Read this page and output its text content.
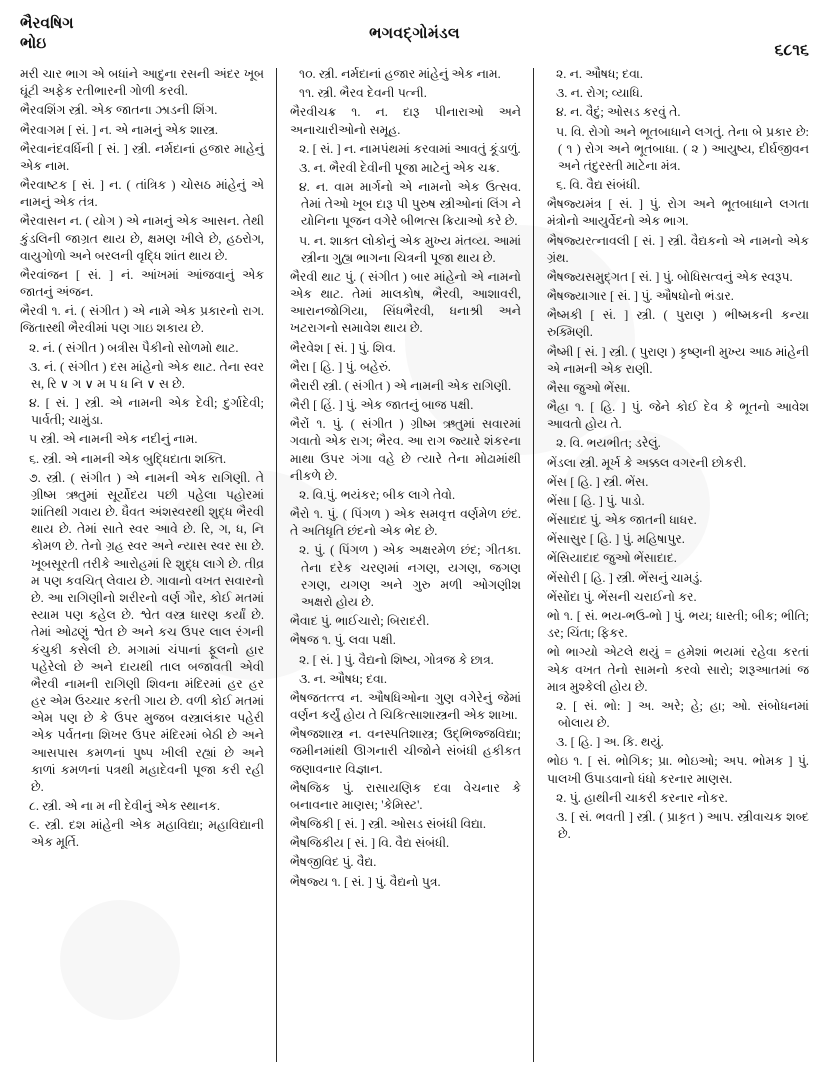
ભૈરવષિગ
ભોઇ
ભગવદ્ગોમંડલ
૬૮૧૬

મરી ચાર ભાગ એ બધાંને આદુના રસની અંદર ખૂબ ઘૂંટી અફેક રતીભારની ગોળી કરવી.

ભૈરવશિંગ સ્ત્રી. એક જાતના ઝાડની શિંગ.

ભૈરવાગમ [ સં. ] ન. એ નામનું એક શાસ્ત્ર.

ભૈરવાનંદવર્ધિની [ સં. ] સ્ત્રી. નર્મદાનાં હજાર માહેનું એક નામ.

ભૈરવાષ્ટક [ સં. ] ન. ( તાંત્રિક ) ચોસઠ માંહેનું એ નામનું એક તંત્ર.

ભૈરવાસન ન. ( યોગ ) એ નામનું એક આસન. તેથી કુંડલિની જાગ્રત થાય છે, ક્ષમણ ખીલે છે, હઠરોગ, વાયુગોળો અને બરલની વૃદ્ધિ શાંત થાય છે.

ભૈરવાંજન [ સં. ] નં. આંખમાં આંજવાનું એક જાતનું અંજન.

ભૈરવી ૧. નં. ( સંગીત ) એ નામે એક પ્રકારનો રાગ. જિતાસ્થી ભૈરવીમાં પણ ગાઇ શકાય છે.

૨. નં. ( સંગીત ) બત્રીસ પૈકીનો સોળમો થાટ.

૩. નં. ( સંગીત ) દસ માંહેનો એક થાટ. તેના સ્વર સ, રિ ∨ ગ ∨ મ પ ધ નિ ∨ સ છે.

૪. [ સં. ] સ્ત્રી. એ નામની એક દેવી; દુર્ગાદેવી; પાર્વતી; ચામુંડા.

૫ સ્ત્રી. એ નામની એક નદીનું નામ.

૬. સ્ત્રી. એ નામની એક બુદ્ધિદાતા શક્તિ.

૭. સ્ત્રી. ( સંગીત ) એ નામની એક રાગિણી. તે ગ્રીષ્મ ઋતુમાં સૂર્યોદય પછી પહેલા પહોરમાં શાંતિથી ગવાય છે. ધૈવત અંશસ્વરથી શુદ્ધ ભૈરવી થાય છે. તેમાં સાતે સ્વર આવે છે. રિ, ગ, ધ, નિ કોમળ છે. તેનો ગ્રહ સ્વર અને ન્યાસ સ્વર સા છે. ખૂબસૂરતી તરીકે આરોહમાં રિ શુદ્ધ લાગે છે. તીવ્ર મ પણ કવચિત્ લેવાય છે. ગાવાનો વખત સવારનો છે. આ રાગિણીનો શરીરનો વર્ણ ગૌર, કોઈ મતમાં સ્યામ પણ કહેલ છે. શ્વેત વસ્ત્ર ધારણ કર્યાં છે. તેમાં ઓઢણું શ્વેત છે અને કચ ઉપર લાલ રંગની કંચુકી કસેલી છે. મગામાં ચંપાનાં ફૂલનો હાર પહેરેલો છે અને દાયથી તાલ બજાવતી એવી ભૈરવી નામની રાગિણી શિવના મંદિરમાં હર હર હર એમ ઉચ્ચાર કરતી ગાય છે. વળી કોઈ મતમાં એમ પણ છે કે ઉપર મુજબ વસ્ત્રાલંકાર પહેરી એક પર્વતના શિખર ઉપર મંદિરમાં બેઠી છે અને આસપાસ કમળનાં પુષ્પ ખીલી રહ્યાં છે અને કાળાં કમળનાં પત્રથી મહાદેવની પૂજા કરી રહી છે.

૮. સ્ત્રી. એ ના મ ની દેવીનું એક સ્થાનક.

૯. સ્ત્રી. દશ માંહેની એક મહાવિદ્યા; મહાવિદ્યાની એક મૂર્તિ.

૧૦. સ્ત્રી. નર્મદાનાં હજાર માંહેનું એક નામ.

૧૧. સ્ત્રી. ભૈરવ દેવની પત્ની.

ભૈરવીચક્ર ૧. ન. દારૂ પીનારાઓ અને અનાચારીઓનો સમૂહ.

૨. [ સં. ] ન. નામપંથમાં કરવામાં આવતું કૂંડાળું.

૩. ન. ભૈરવી દેવીની પૂજા માટેનું એક ચક્ર.

૪. ન. વામ માર્ગનો એ નામનો એક ઉત્સવ. તેમાં તેઓ ખૂબ દારૂ પી પુરુષ સ્ત્રીઓનાં લિંગ ને યોનિના પૂજન વગેરે બીભત્સ ક્રિયાઓ કરે છે.

૫. ન. શાક્ત લોકોનું એક મુખ્ય મંતવ્ય. આમાં સ્ત્રીના ગુહ્ય ભાગના ચિત્રની પૂજા થાય છે.

ભૈરવી થાટ પું. ( સંગીત ) બાર માંહેનો એ નામનો એક થાટ. તેમાં માલકોષ, ભૈરવી, આશાવરી, આરાનજોગિયા, સિંધભૈરવી, ધનાશ્રી અને ખટરાગનો સમાવેશ થાય છે.

ભૈરવેશ [ સં. ] પું. શિવ.

ભૈરા [ હિ. ] પું. બહેરું.

ભૈરારી સ્ત્રી. ( સંગીત ) એ નામની એક રાગિણી.

ભૈરી [ હિં. ] પું. એક જાતનું બાજ પક્ષી.

ભૈરોં ૧. પું. ( સંગીત ) ગ્રીષ્મ ઋતુમાં સવારમાં ગવાતો એક રાગ; ભૈરવ. આ રાગ જ્યારે શંકરના માથા ઉપર ગંગા વહે છે ત્યારે તેના મોઢામાંથી નીકળે છે.

૨. વિ.પું. ભયંકર; બીક લાગે તેવો.

ભૈરો ૧. પું. ( પિંગળ ) એક સમવૃત્ત વર્ણમેળ છંદ. તે અતિધૃતિ છંદનો એક ભેદ છે.

૨. પું. ( પિંગળ ) એક અક્ષરમેળ છંદ; ગીતકા. તેના દરેક ચરણમાં નગણ, યગણ, જગણ રગણ, યગણ અને ગુરુ મળી ઓગણીશ અક્ષરો હોય છે.

ભૈવાદ પું. ભાઈચારો; બિરાદરી.

ભૈષજ ૧. પું. લવા પક્ષી.

૨. [ સં. ] પું. વૈદ્યનો શિષ્ય, ગોત્રજ કે છાત્ર.

૩. ન. ઔષધ; દવા.

ભૈષજતત્ત્વ ન. ઔષધિઓના ગુણ વગેરેનું જેમાં વર્ણન કર્યું હોય તે ચિકિત્સાશાસ્ત્રની એક શાખા.

ભૈષજશાસ્ત્ર ન. વનસ્પતિશાસ્ત્ર; ઉદ્‌ભિજ્જવિદ્યા; જમીનમાંથી ઊગનારી ચીજોને સંબંધી હકીકત જણાવનાર વિજ્ઞાન.

ભૈષજિક પું. રાસાયણિક દવા વેચનાર કે બનાવનાર માણસ; 'કેમિસ્ટ'.

ભૈષજિકી [ સં. ] સ્ત્રી. ઓસડ સંબંધી વિદ્યા.

ભૈષજિકીય [ સં. ] વિ. વૈદ્ય સંબંધી.

ભૈષજીવિદ પું. વૈદ્ય.

ભૈષજ્ય ૧. [ સં. ] પું. વૈદ્યનો પુત્ર.

૨. ન. ઔષધ; દવા.

૩. ન. રોગ; વ્યાધિ.

૪. ન. વૈદું; ઓસડ કરવું તે.

૫. વિ. રોગો અને ભૂતબાધાને લગતું. તેના બે પ્રકાર છે: ( ૧ ) રોગ અને ભૂતબાધા. ( ૨ ) આયુષ્ય, દીર્ઘજીવન અને તંદુરસ્તી માટેના મંત્ર.

૬. વિ. વૈદ્ય સંબંધી.

ભૈષજ્યમંત્ર [ સં. ] પું. રોગ અને ભૂતબાધાને લગતા મંત્રોનો આયુર્વેદનો એક ભાગ.

ભૈષજ્યરત્નાવલી [ સં. ] સ્ત્રી. વૈદ્યકનો એ નામનો એક ગ્રંથ.

ભૈષજ્યસમુદ્‌ગત [ સં. ] પું. બોધિસત્વનું એક સ્વરૂપ.

ભૈષજ્યાગાર [ સં. ] પું. ઔષધોનો ભંડાર.

ભૈષ્મકી [ સં. ] સ્ત્રી. ( પુરાણ ) ભીષ્મકની કન્યા રુક્મિણી.

ભૈષ્મી [ સં. ] સ્ત્રી. ( પુરાણ ) કૃષ્ણની મુખ્ય આઠ માંહેની એ નામની એક રાણી.

ભૈસા જુઓ ભેંસા.

ભૈહ્રા ૧. [ હિ. ] પું. જેને કોઈ દેવ કે ભૂતનો આવેશ આવતો હોય તે.

૨. વિ. ભયભીત; ડરેલું.

ભેંડલા સ્ત્રી. મૂર્ખ કે અક્કલ વગરની છોકરી.

ભેંસ [ હિ. ] સ્ત્રી. ભેંસ.

ભેંસા [ હિ. ] પું. પાડો.

ભેંસાદાદ પું. એક જાતની ધાધર.

ભેંસાસુર [ હિ. ] પું. મહિષાપુર.

ભેંસિયાદાદ જુઓ ભેંસાદાદ.

ભેંસોરી [ હિ. ] સ્ત્રી. ભેંસનું ચામડું.

ભેંસોંદા પું. ભેંસની ચરાઈનો કર.

ભો ૧. [ સં. ભય-ભઉ-ભો ] પું. ભય; ધાસ્તી; બીક; ભીતિ; ડર; ચિંતા; ફિકર.

ભો ભાગ્યો એટલે થયું = હમેશાં ભયમાં રહેવા કરતાં એક વખત તેનો સામનો કરવો સારો; શરૂઆતમાં જ માત્ર મુશ્કેલી હોય છે.

૨. [ સં. ભો: ] અ. અરે; હે; હા; ઓ. સંબોધનમાં બોલાય છે.

૩. [ હિ. ] અ. કિ. થયું.

ભોઇ ૧. [ સં. ભોગિક; પ્રા. ભોઇઓ; અપ. ભોમક ] પું. પાલખી ઉપાડવાનો ધંધો કરનાર માણસ.

૨. પું. હાથીની ચાકરી કરનાર નોકર.

૩. [ સં. ભવતી ] સ્ત્રી. ( પ્રાકૃત ) આપ. સ્ત્રીવાચક શબ્દ છે.
